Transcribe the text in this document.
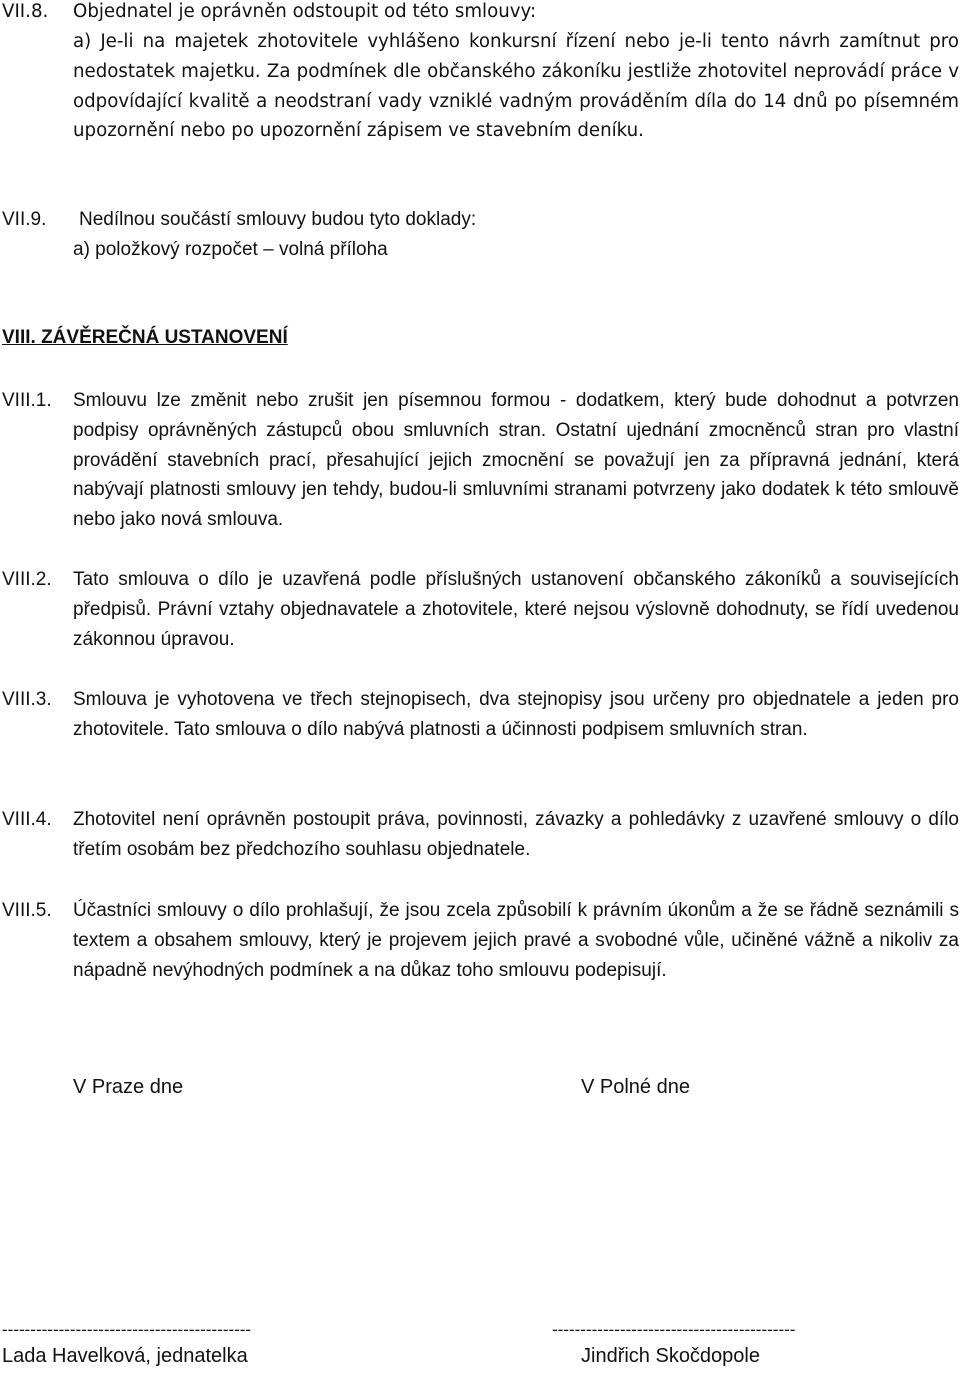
VII.8. Objednatel je oprávněn odstoupit od této smlouvy:

a) Je-li na majetek zhotovitele vyhlášeno konkursní řízení nebo je-li tento návrh zamítnut pro nedostatek majetku. Za podmínek dle občanského zákoníku jestliže zhotovitel neprovádí práce v odpovídající kvalitě a neodstraní vady vzniklé vadným prováděním díla do 14 dnů po písemném upozornění nebo po upozornění zápisem ve stavebním deníku.

VII.9. Nedílnou součástí smlouvy budou tyto doklady:

a) položkový rozpočet – volná příloha

VIII. ZÁVĚREČNÁ USTANOVENÍ
VIII.1. Smlouvu lze změnit nebo zrušit jen písemnou formou - dodatkem, který bude dohodnut a potvrzen podpisy oprávněných zástupců obou smluvních stran. Ostatní ujednání zmocněnců stran pro vlastní provádění stavebních prací, přesahující jejich zmocnění se považují jen za přípravná jednání, která nabývají platnosti smlouvy jen tehdy, budou-li smluvními stranami potvrzeny jako dodatek k této smlouvě nebo jako nová smlouva.

VIII.2. Tato smlouva o dílo je uzavřená podle příslušných ustanovení občanského zákoníků a souvisejících předpisů. Právní vztahy objednavatele a zhotovitele, které nejsou výslovně dohodnuty, se řídí uvedenou zákonnou úpravou.

VIII.3. Smlouva je vyhotovena ve třech stejnopisech, dva stejnopisy jsou určeny pro objednatele a jeden pro zhotovitele. Tato smlouva o dílo nabývá platnosti a účinnosti podpisem smluvních stran.

VIII.4. Zhotovitel není oprávněn postoupit práva, povinnosti, závazky a pohledávky z uzavřené smlouvy o dílo třetím osobám bez předchozího souhlasu objednatele.

VIII.5. Účastníci smlouvy o dílo prohlašují, že jsou zcela způsobilí k právním úkonům a že se řádně seznámili s textem a obsahem smlouvy, který je projevem jejich pravé a svobodné vůle, učiněné vážně a nikoliv za nápadně nevýhodných podmínek a na důkaz toho smlouvu podepisují.

V Praze dne	V Polné dne
--------------------------------------------	-------------------------------------------
Lada Havelková, jednatelka	Jindřich Skočdopole
